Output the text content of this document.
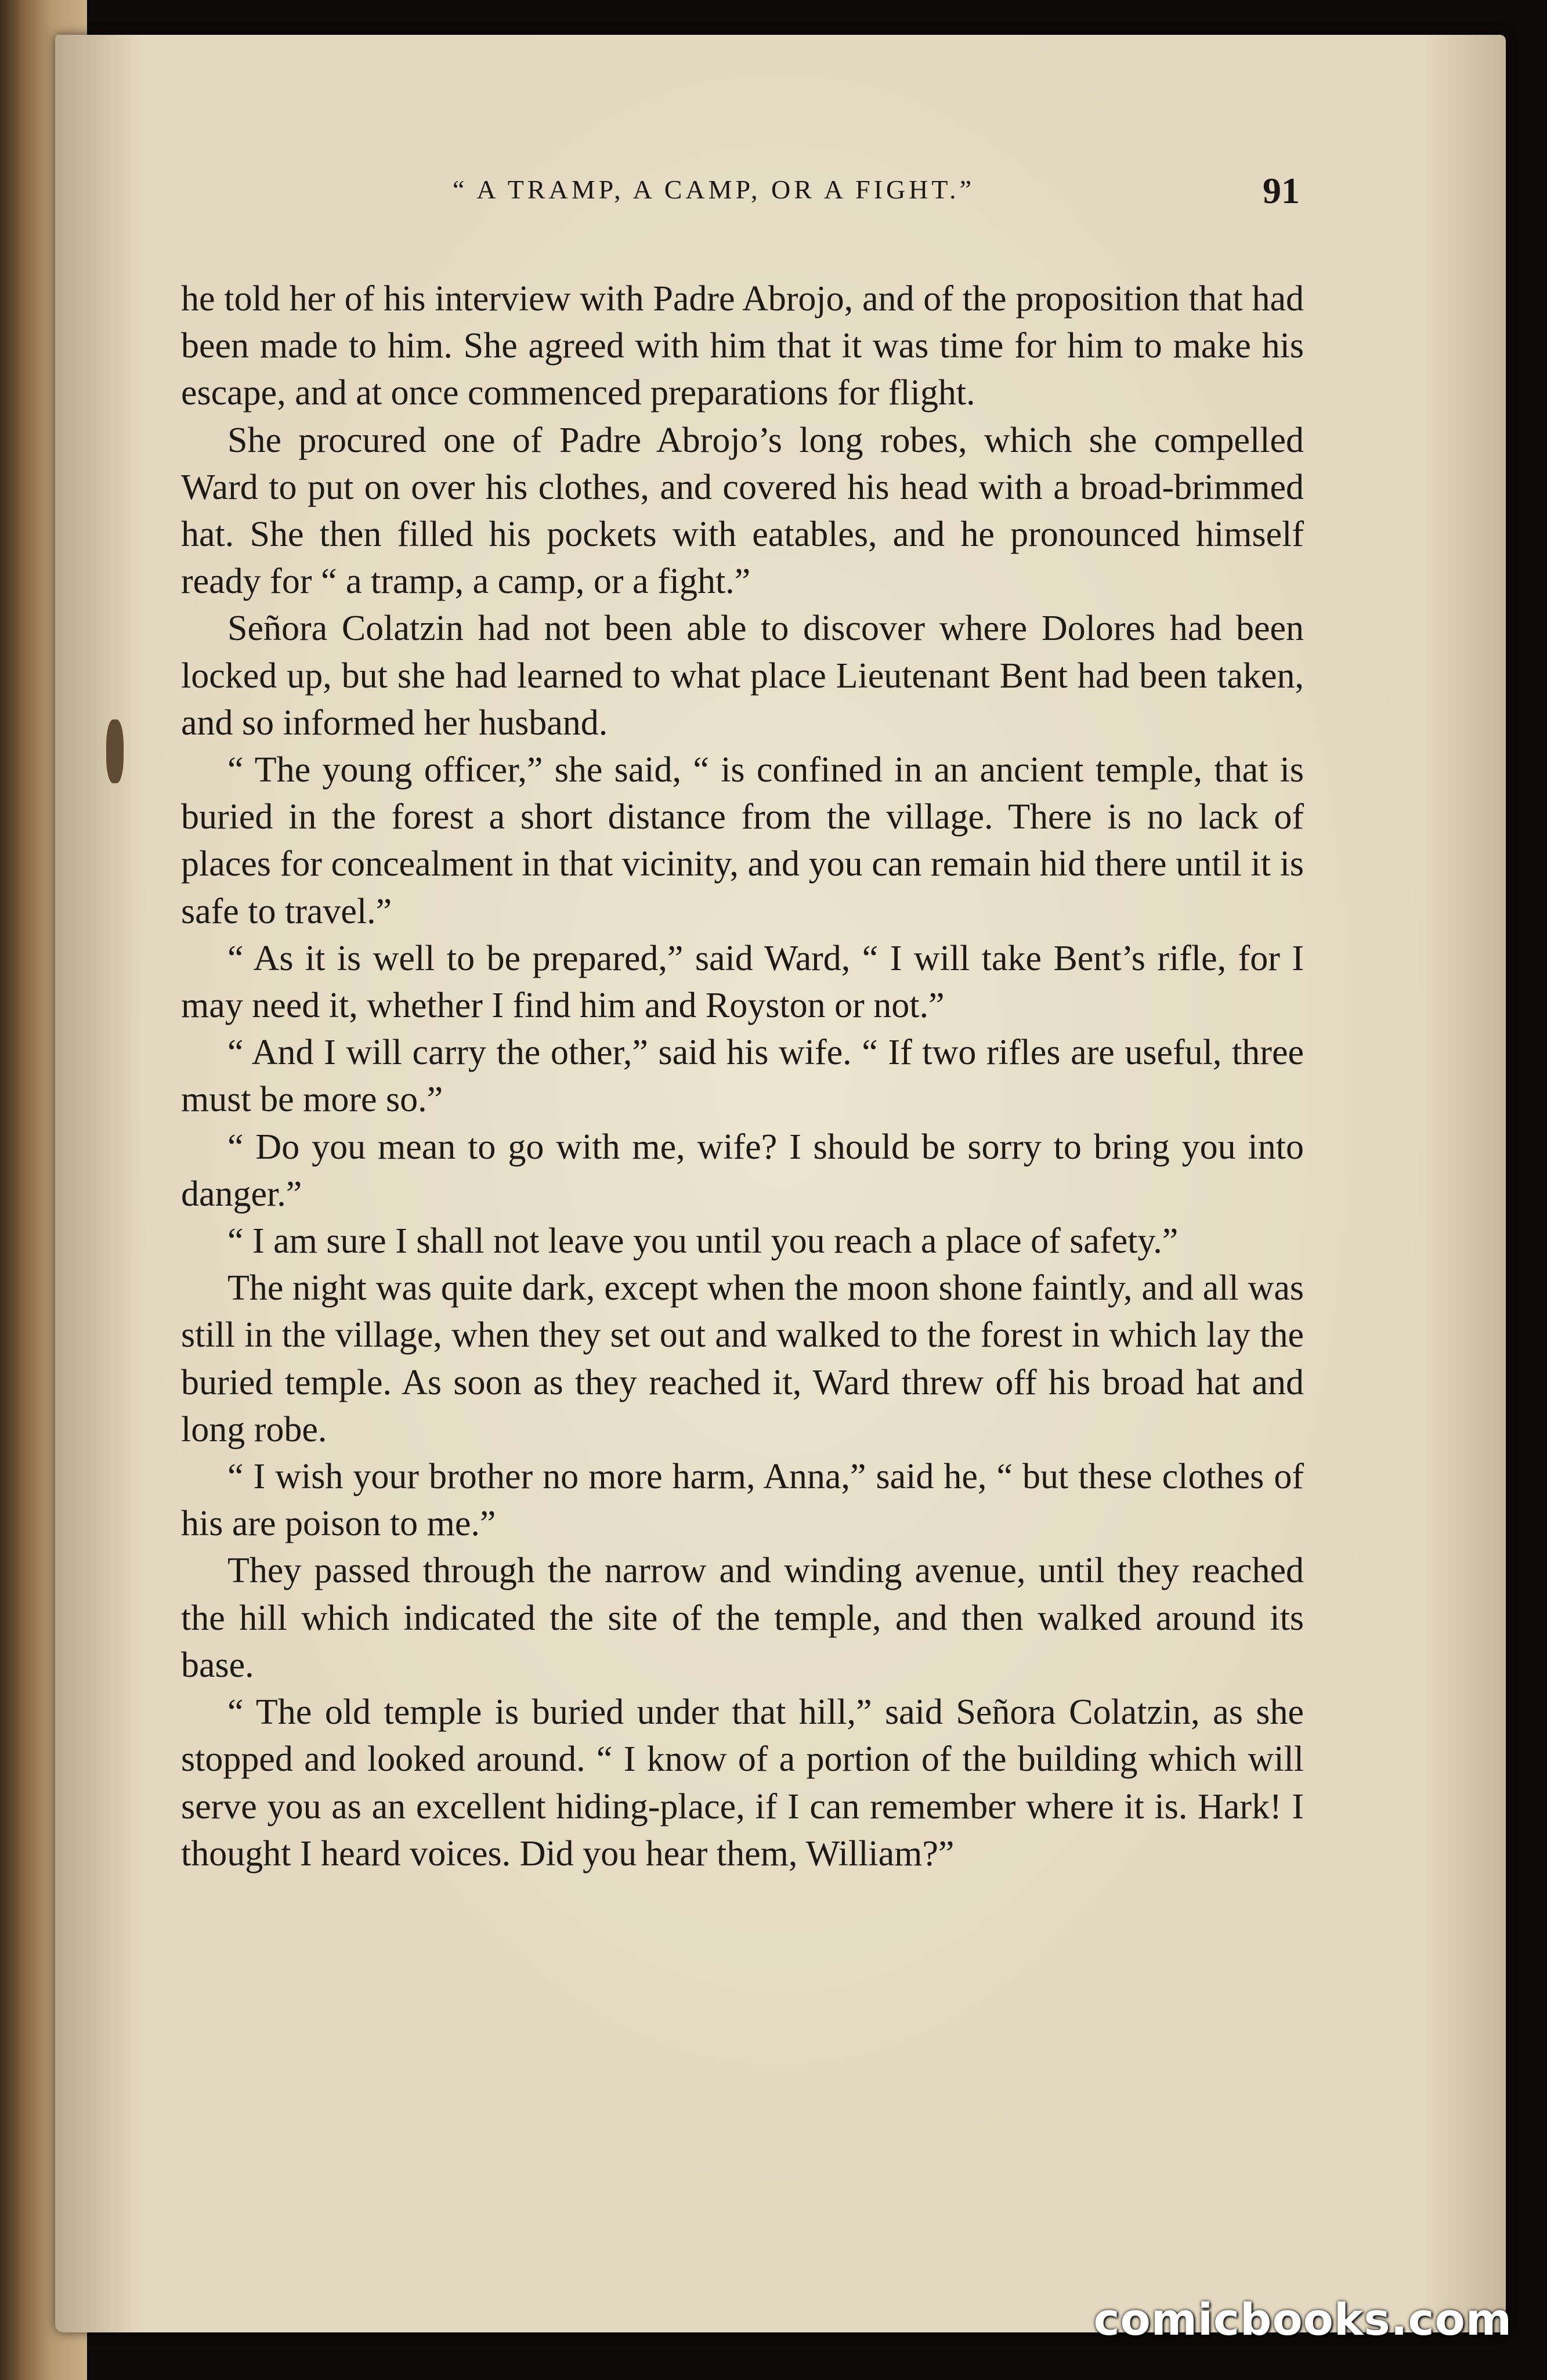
“ A TRAMP, A CAMP, OR A FIGHT.”	91

he told her of his interview with Padre Abrojo, and of the proposition that had been made to him. She agreed with him that it was time for him to make his escape, and at once commenced preparations for flight.

She procured one of Padre Abrojo’s long robes, which she compelled Ward to put on over his clothes, and covered his head with a broad-brimmed hat. She then filled his pockets with eatables, and he pronounced himself ready for “ a tramp, a camp, or a fight.”

Señora Colatzin had not been able to discover where Dolores had been locked up, but she had learned to what place Lieutenant Bent had been taken, and so informed her husband.

“ The young officer,” she said, “ is confined in an ancient temple, that is buried in the forest a short distance from the village. There is no lack of places for concealment in that vicinity, and you can remain hid there until it is safe to travel.”

“ As it is well to be prepared,” said Ward, “ I will take Bent’s rifle, for I may need it, whether I find him and Royston or not.”

“ And I will carry the other,” said his wife. “ If two rifles are useful, three must be more so.”

“ Do you mean to go with me, wife? I should be sorry to bring you into danger.”

“ I am sure I shall not leave you until you reach a place of safety.”

The night was quite dark, except when the moon shone faintly, and all was still in the village, when they set out and walked to the forest in which lay the buried temple. As soon as they reached it, Ward threw off his broad hat and long robe.

“ I wish your brother no more harm, Anna,” said he, “ but these clothes of his are poison to me.”

They passed through the narrow and winding avenue, until they reached the hill which indicated the site of the temple, and then walked around its base.

“ The old temple is buried under that hill,” said Señora Colatzin, as she stopped and looked around. “ I know of a portion of the building which will serve you as an excellent hiding-place, if I can remember where it is. Hark! I thought I heard voices. Did you hear them, William?”

comicbooks.com
